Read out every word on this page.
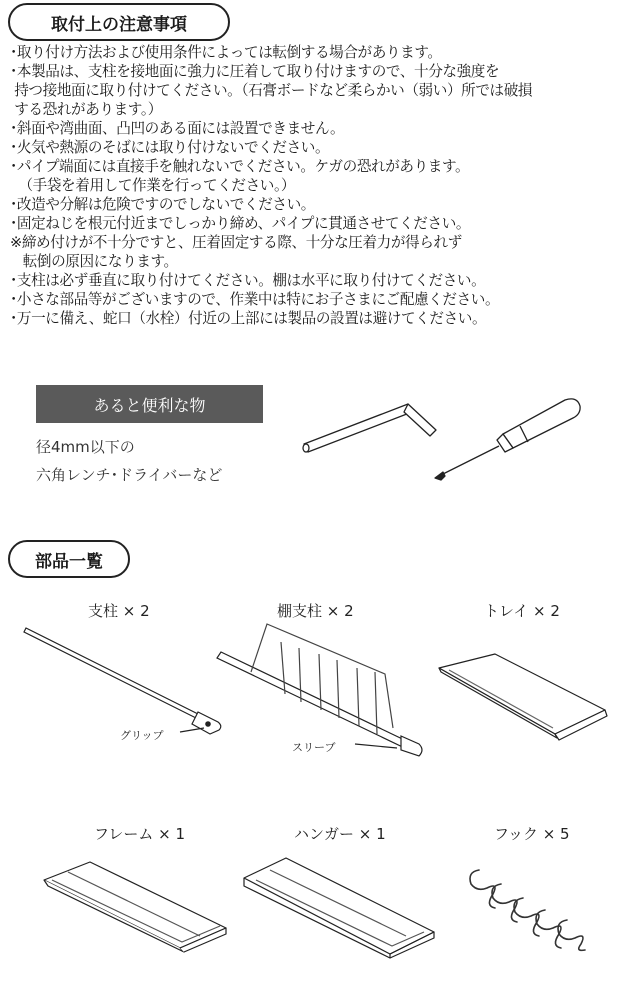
取付上の注意事項
･取り付け方法および使用条件によっては転倒する場合があります。
･本製品は、支柱を接地面に強力に圧着して取り付けますので、十分な強度を
持つ接地面に取り付けてください。（石膏ボードなど柔らかい（弱い）所では破損
する恐れがあります。）
･斜面や湾曲面、凸凹のある面には設置できません。
･火気や熱源のそばには取り付けないでください。
･パイプ端面には直接手を触れないでください。ケガの恐れがあります。
（手袋を着用して作業を行ってください。）
･改造や分解は危険ですのでしないでください。
･固定ねじを根元付近までしっかり締め、パイプに貫通させてください。
※締め付けが不十分ですと、圧着固定する際、十分な圧着力が得られず
転倒の原因になります。
･支柱は必ず垂直に取り付けてください。棚は水平に取り付けてください。
･小さな部品等がございますので、作業中は特にお子さまにご配慮ください。
･万一に備え、蛇口（水栓）付近の上部には製品の設置は避けてください。
あると便利な物
径4mm以下の
六角レンチ･ドライバーなど
部品一覧
支柱 × 2	棚支柱 × 2	トレイ × 2
フレーム × 1	ハンガー × 1	フック × 5
グリップ
スリーブ
